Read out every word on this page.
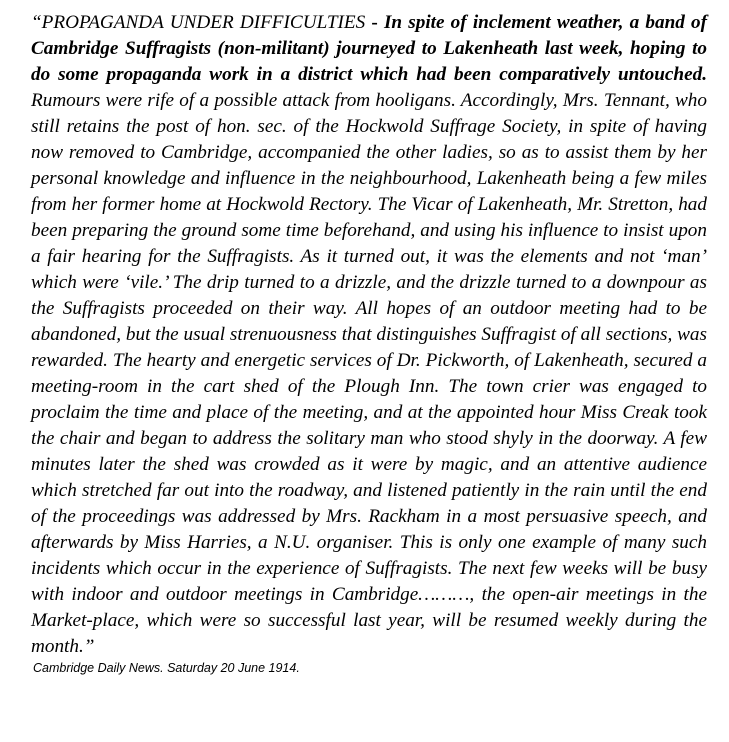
“PROPAGANDA UNDER DIFFICULTIES - In spite of inclement weather, a band of Cambridge Suffragists (non-militant) journeyed to Lakenheath last week, hoping to do some propaganda work in a district which had been comparatively untouched. Rumours were rife of a possible attack from hooligans. Accordingly, Mrs. Tennant, who still retains the post of hon. sec. of the Hockwold Suffrage Society, in spite of having now removed to Cambridge, accompanied the other ladies, so as to assist them by her personal knowledge and influence in the neighbourhood, Lakenheath being a few miles from her former home at Hockwold Rectory. The Vicar of Lakenheath, Mr. Stretton, had been preparing the ground some time beforehand, and using his influence to insist upon a fair hearing for the Suffragists. As it turned out, it was the elements and not ‘man’ which were ‘vile.’ The drip turned to a drizzle, and the drizzle turned to a downpour as the Suffragists proceeded on their way. All hopes of an outdoor meeting had to be abandoned, but the usual strenuousness that distinguishes Suffragist of all sections, was rewarded. The hearty and energetic services of Dr. Pickworth, of Lakenheath, secured a meeting-room in the cart shed of the Plough Inn. The town crier was engaged to proclaim the time and place of the meeting, and at the appointed hour Miss Creak took the chair and began to address the solitary man who stood shyly in the doorway. A few minutes later the shed was crowded as it were by magic, and an attentive audience which stretched far out into the roadway, and listened patiently in the rain until the end of the proceedings was addressed by Mrs. Rackham in a most persuasive speech, and afterwards by Miss Harries, a N.U. organiser. This is only one example of many such incidents which occur in the experience of Suffragists. The next few weeks will be busy with indoor and outdoor meetings in Cambridge………, the open-air meetings in the Market-place, which were so successful last year, will be resumed weekly during the month.”

Cambridge Daily News. Saturday 20 June 1914.
